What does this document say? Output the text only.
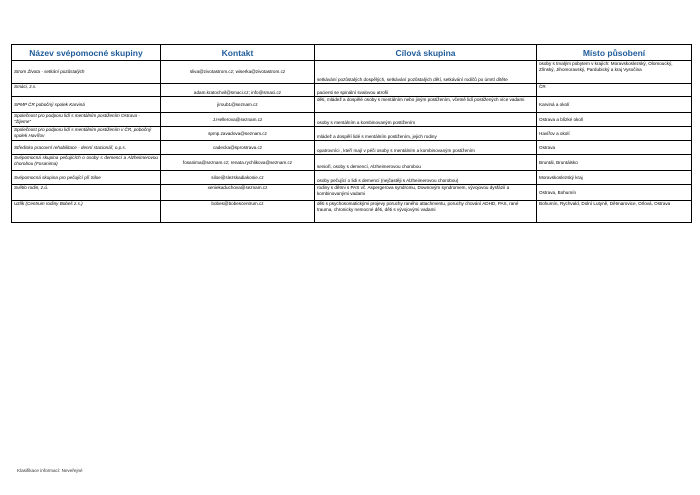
Název svépomocné skupiny	Kontakt	Cílová skupina	Místo působení
Strom Života - setkání pozůstalých	sliva@zivotastrom.cz; wiserka@zivotastrom.cz	setkávání pozůstalých dospělých, setkávání pozůstalých dětí, setkávání rodičů po úmrtí dítěte	osoby s trvalým pobytem v krajích: Moravskoslezský, Olomoucký, Zlínský, Jihomoravský, Pardubický a kraj Vysočina
Smáci, z.s.	adam.kratochvil@smaci.cz; info@smaci.cz	pacienti se spinální svalovou atrofií	ČR
SPMP ČR pobočný spolek Karviná	jiroub1@seznam.cz	děti, mládež a dospělé osoby s mentálním nebo jiným postižením, včetně lidí postižených více vadami	Karviná a okolí
Společnost pro podporu lidí s mentálním postižením Ostrava - "Žijeme"	J.Hellerova@seznam.cz	osoby s mentálním a kombinovaným postižením	Ostrava a blízké okolí
Společnost pro podporu lidí s mentálním postižením v ČR, pobočný spolek Havířov	spmp.zavadova@seznam.cz	mládež a dospělí lidé s mentálním postižením, jejich rodiny	Havířov a okolí
Středisko pracovní rehabilitace - denní stacionář, o.p.s.	cadecka@sprostrava.cz	opatrovníci , kteří mají v péči osoby s mentálním a kombinovaným postižením	Ostrava
Svépomocná skupina pečujících o osoby s demencí a Alzheimerovou chorobou (Fosanima)	fosanima@seznam.cz; renata.rychlikova@seznam.cz	senioři, osoby s demencí, Alzheimerovou chorobou	Bruntál, Bruntálsko
Svépomocná skupina pro pečující při Siloe	siloe@slezskadiakonie.cz	osoby pečující o lidi s demencí (nejčastěji s Alzheimerovou chorobou)	Moravskoslezský kraj
Světlo rodin, z.ú.	xeniekaduchova@seznam.cz	rodiny s dětmi s PAS vč. Aspergerova syndromu, Downovým syndromem, vývojovou dysfázií a kombinovanými vadami	Ostrava, Bohumín
Uzlík (Centrum rodiny Bobeš z.s.)	bobes@bobescentrum.cz	děti s psychosomatickými projevy poruchy raného attachmentu, poruchy chování ADHD, PAS, rané trauma, chronicky nemocné děti, děti s vývojovými vadami	Bohumín, Rychvald, Dolní Lutyně, Dětmarovice, Orlová, Ostrava
Klasifikace informací: Neveřejné
